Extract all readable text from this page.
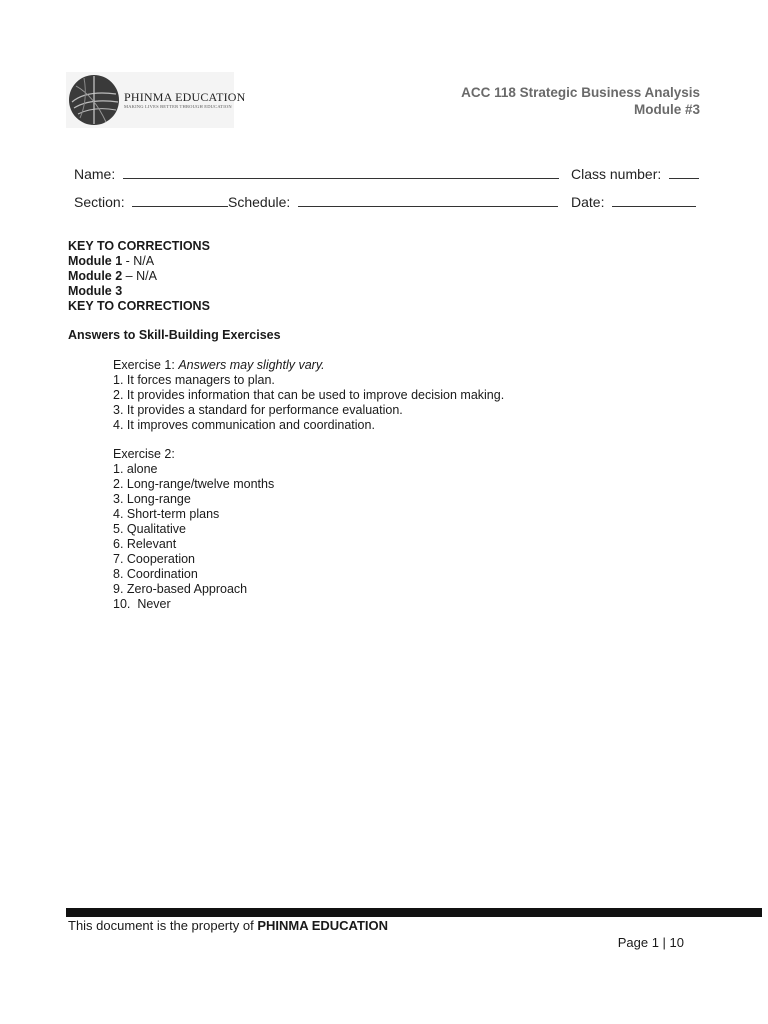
PHINMA EDUCATION
MAKING LIVES BETTER THROUGH EDUCATION
ACC 118 Strategic Business Analysis
Module #3
Name:	Class number:
Section:	Schedule:	Date:
KEY TO CORRECTIONS
Module 1 - N/A
Module 2 – N/A
Module 3
KEY TO CORRECTIONS
Answers to Skill-Building Exercises
Exercise 1: Answers may slightly vary.
1. It forces managers to plan.
2. It provides information that can be used to improve decision making.
3. It provides a standard for performance evaluation.
4. It improves communication and coordination.
Exercise 2:
1. alone
2. Long-range/twelve months
3. Long-range
4. Short-term plans
5. Qualitative
6. Relevant
7. Cooperation
8. Coordination
9. Zero-based Approach
10.  Never
This document is the property of PHINMA EDUCATION
Page 1 | 10
